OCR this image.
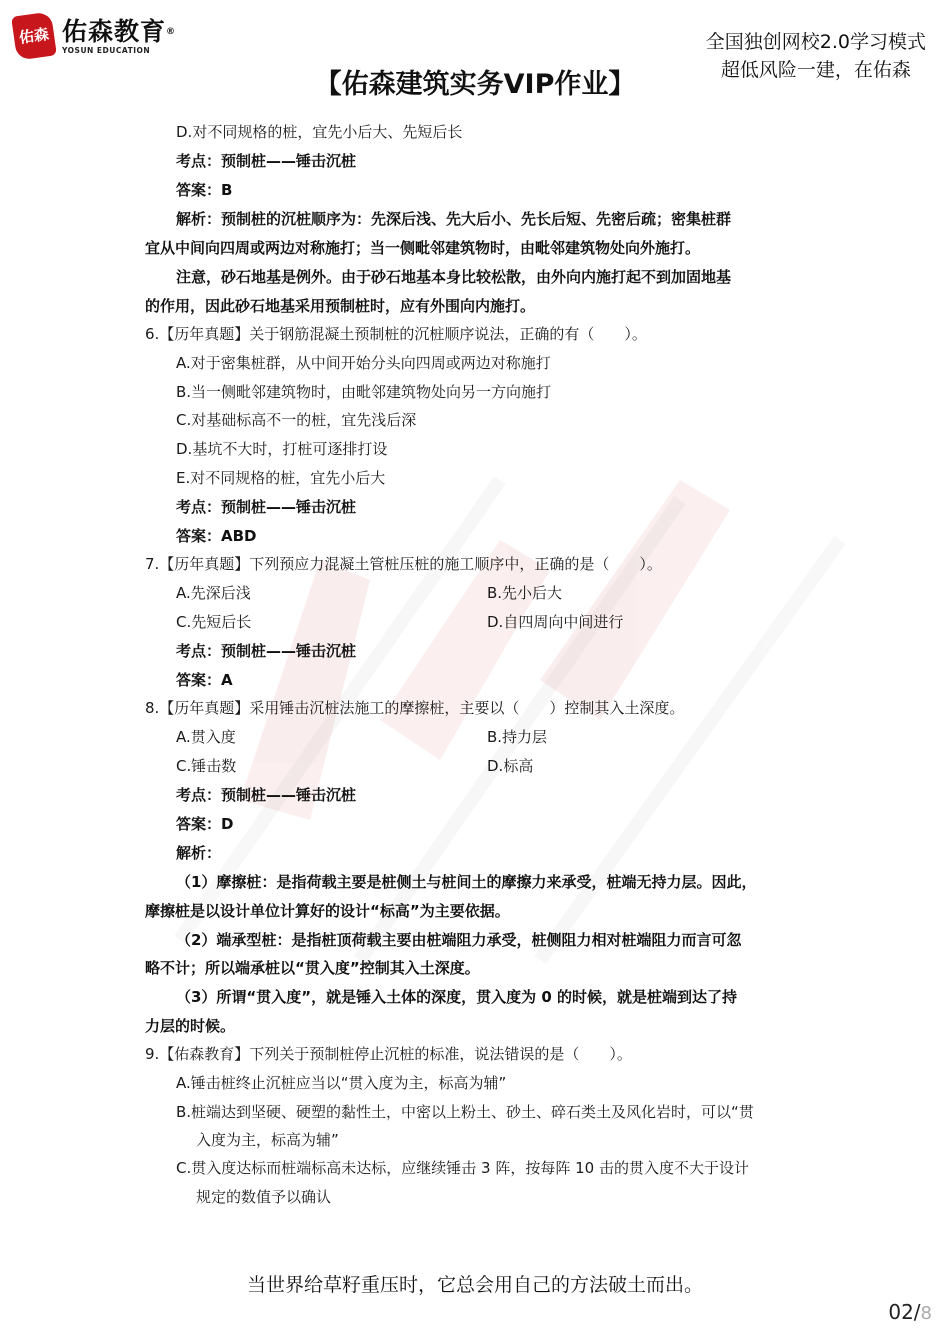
佑森 佑森教育®
YOSUN EDUCATION	全国独创网校2.0学习模式
超低风险一建，在佑森
【佑森建筑实务VIP作业】
D.对不同规格的桩，宜先小后大、先短后长
考点：预制桩——锤击沉桩
答案：B
解析：预制桩的沉桩顺序为：先深后浅、先大后小、先长后短、先密后疏；密集桩群
宜从中间向四周或两边对称施打；当一侧毗邻建筑物时，由毗邻建筑物处向外施打。
注意，砂石地基是例外。由于砂石地基本身比较松散，由外向内施打起不到加固地基
的作用，因此砂石地基采用预制桩时，应有外围向内施打。
6.【历年真题】关于钢筋混凝土预制桩的沉桩顺序说法，正确的有（　　）。
A.对于密集桩群，从中间开始分头向四周或两边对称施打
B.当一侧毗邻建筑物时，由毗邻建筑物处向另一方向施打
C.对基础标高不一的桩，宜先浅后深
D.基坑不大时，打桩可逐排打设
E.对不同规格的桩，宜先小后大
考点：预制桩——锤击沉桩
答案：ABD
7.【历年真题】下列预应力混凝土管桩压桩的施工顺序中，正确的是（　　）。
A.先深后浅	B.先小后大
C.先短后长	D.自四周向中间进行
考点：预制桩——锤击沉桩
答案：A
8.【历年真题】采用锤击沉桩法施工的摩擦桩，主要以（　　）控制其入土深度。
A.贯入度	B.持力层
C.锤击数	D.标高
考点：预制桩——锤击沉桩
答案：D
解析：
（1）摩擦桩：是指荷载主要是桩侧土与桩间土的摩擦力来承受，桩端无持力层。因此，
摩擦桩是以设计单位计算好的设计“标高”为主要依据。
（2）端承型桩：是指桩顶荷载主要由桩端阻力承受，桩侧阻力相对桩端阻力而言可忽
略不计；所以端承桩以“贯入度”控制其入土深度。
（3）所谓“贯入度”，就是锤入土体的深度，贯入度为 0 的时候，就是桩端到达了持
力层的时候。
9.【佑森教育】下列关于预制桩停止沉桩的标准，说法错误的是（　　）。
A.锤击桩终止沉桩应当以“贯入度为主，标高为辅”
B.桩端达到坚硬、硬塑的黏性土，中密以上粉土、砂土、碎石类土及风化岩时，可以“贯
入度为主，标高为辅”
C.贯入度达标而桩端标高未达标，应继续锤击 3 阵，按每阵 10 击的贯入度不大于设计
规定的数值予以确认
当世界给草籽重压时，它总会用自己的方法破土而出。
02/8
